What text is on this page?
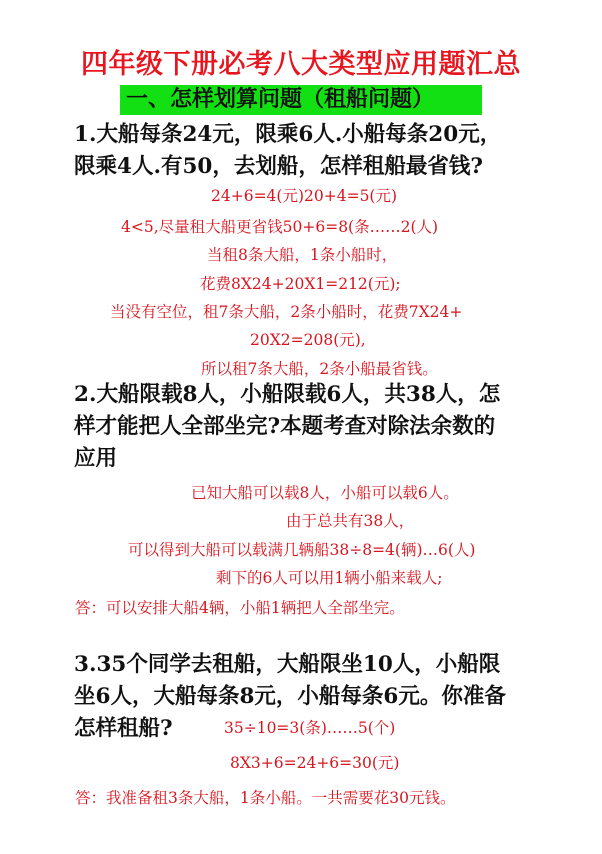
四年级下册必考八大类型应用题汇总
一、怎样划算问题（租船问题）
1.大船每条24元，限乘6人.小船每条20元，
限乘4人.有50，去划船，怎样租船最省钱?
24+6=4(元)20+4=5(元)
4<5,尽量租大船更省钱50+6=8(条……2(人)
当租8条大船，1条小船时，
花费8X24+20X1=212(元);
当没有空位，租7条大船，2条小船时，花费7X24+
20X2=208(元),
所以租7条大船，2条小船最省钱。
2.大船限载8人，小船限载6人，共38人，怎
样才能把人全部坐完?本题考查对除法余数的
应用
已知大船可以载8人，小船可以载6人。
由于总共有38人，
可以得到大船可以载满几辆船38÷8=4(辆)…6(人)
剩下的6人可以用1辆小船来载人;
答：可以安排大船4辆，小船1辆把人全部坐完。
3.35个同学去租船，大船限坐10人，小船限
坐6人，大船每条8元，小船每条6元。你准备
怎样租船?	35÷10=3(条)……5(个)
8X3+6=24+6=30(元)
答：我准备租3条大船，1条小船。一共需要花30元钱。
